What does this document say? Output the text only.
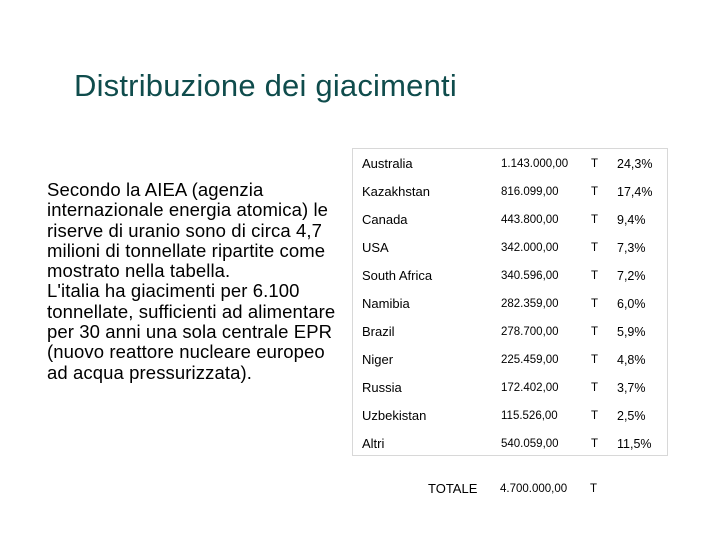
Distribuzione dei giacimenti

Secondo la AIEA (agenzia internazionale energia atomica) le riserve di uranio sono di circa 4,7 milioni di tonnellate ripartite come mostrato nella tabella.

L'italia ha giacimenti per 6.100 tonnellate, sufficienti ad alimentare per 30 anni una sola centrale EPR (nuovo reattore nucleare europeo ad acqua pressurizzata).

Australia	1.143.000,00 T 24,3%
Kazakhstan	816.099,00	T 17,4%
Canada	443.800,00	T 9,4%
USA	342.000,00	T 7,3%
South Africa	340.596,00	T 7,2%
Namibia	282.359,00	T 6,0%
Brazil	278.700,00	T 5,9%
Niger	225.459,00	T 4,8%
Russia	172.402,00	T 3,7%
Uzbekistan	115.526,00	T 2,5%
Altri	540.059,00	T 11,5%
TOTALE 4.700.000,00 T
